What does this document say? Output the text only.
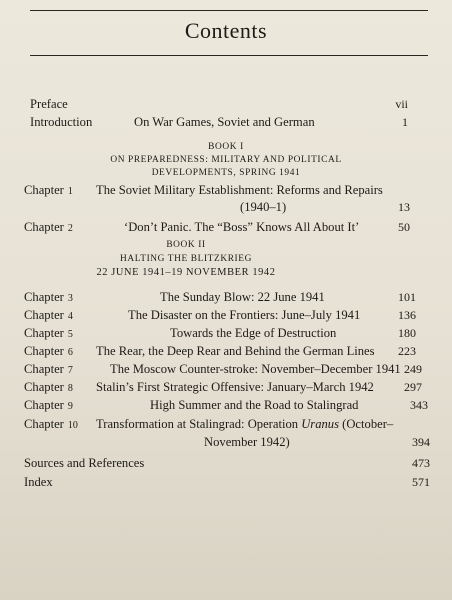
Contents
Preface	vii
Introduction	On War Games, Soviet and German	1
BOOK I
ON PREPAREDNESS: MILITARY AND POLITICAL
DEVELOPMENTS, SPRING 1941
Chapter 1 The Soviet Military Establishment: Reforms and Repairs
(1940–1)	13
Chapter 2	‘Don’t Panic. The “Boss” Knows All About It’	50
BOOK II
HALTING THE BLITZKRIEG
22 JUNE 1941–19 NOVEMBER 1942
Chapter 3	The Sunday Blow: 22 June 1941	101
Chapter 4	The Disaster on the Frontiers: June–July 1941	136
Chapter 5	Towards the Edge of Destruction	180
Chapter 6 The Rear, the Deep Rear and Behind the German Lines	223
Chapter 7	The Moscow Counter-stroke: November–December 1941 249
Chapter 8 Stalin’s First Strategic Offensive: January–March 1942	297
Chapter 9	High Summer and the Road to Stalingrad	343
Chapter 10 Transformation at Stalingrad: Operation Uranus (October–
November 1942)	394
Sources and References	473
Index	571
